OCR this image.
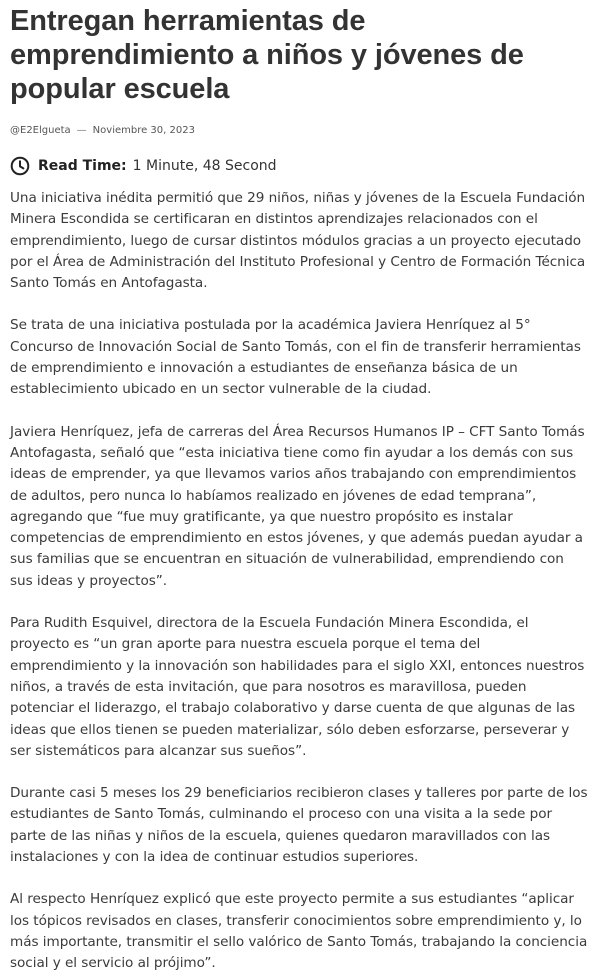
Entregan herramientas de emprendimiento a niños y jóvenes de popular escuela
@E2Elgueta — Noviembre 30, 2023
Read Time: 1 Minute, 48 Second

Una iniciativa inédita permitió que 29 niños, niñas y jóvenes de la Escuela Fundación Minera Escondida se certificaran en distintos aprendizajes relacionados con el emprendimiento, luego de cursar distintos módulos gracias a un proyecto ejecutado por el Área de Administración del Instituto Profesional y Centro de Formación Técnica Santo Tomás en Antofagasta.

Se trata de una iniciativa postulada por la académica Javiera Henríquez al 5° Concurso de Innovación Social de Santo Tomás, con el fin de transferir herramientas de emprendimiento e innovación a estudiantes de enseñanza básica de un establecimiento ubicado en un sector vulnerable de la ciudad.

Javiera Henríquez, jefa de carreras del Área Recursos Humanos IP – CFT Santo Tomás Antofagasta, señaló que “esta iniciativa tiene como fin ayudar a los demás con sus ideas de emprender, ya que llevamos varios años trabajando con emprendimientos de adultos, pero nunca lo habíamos realizado en jóvenes de edad temprana”, agregando que “fue muy gratificante, ya que nuestro propósito es instalar competencias de emprendimiento en estos jóvenes, y que además puedan ayudar a sus familias que se encuentran en situación de vulnerabilidad, emprendiendo con sus ideas y proyectos”.

Para Rudith Esquivel, directora de la Escuela Fundación Minera Escondida, el proyecto es “un gran aporte para nuestra escuela porque el tema del emprendimiento y la innovación son habilidades para el siglo XXI, entonces nuestros niños, a través de esta invitación, que para nosotros es maravillosa, pueden potenciar el liderazgo, el trabajo colaborativo y darse cuenta de que algunas de las ideas que ellos tienen se pueden materializar, sólo deben esforzarse, perseverar y ser sistemáticos para alcanzar sus sueños”.

Durante casi 5 meses los 29 beneficiarios recibieron clases y talleres por parte de los estudiantes de Santo Tomás, culminando el proceso con una visita a la sede por parte de las niñas y niños de la escuela, quienes quedaron maravillados con las instalaciones y con la idea de continuar estudios superiores.

Al respecto Henríquez explicó que este proyecto permite a sus estudiantes “aplicar los tópicos revisados en clases, transferir conocimientos sobre emprendimiento y, lo más importante, transmitir el sello valórico de Santo Tomás, trabajando la conciencia social y el servicio al prójimo”.
